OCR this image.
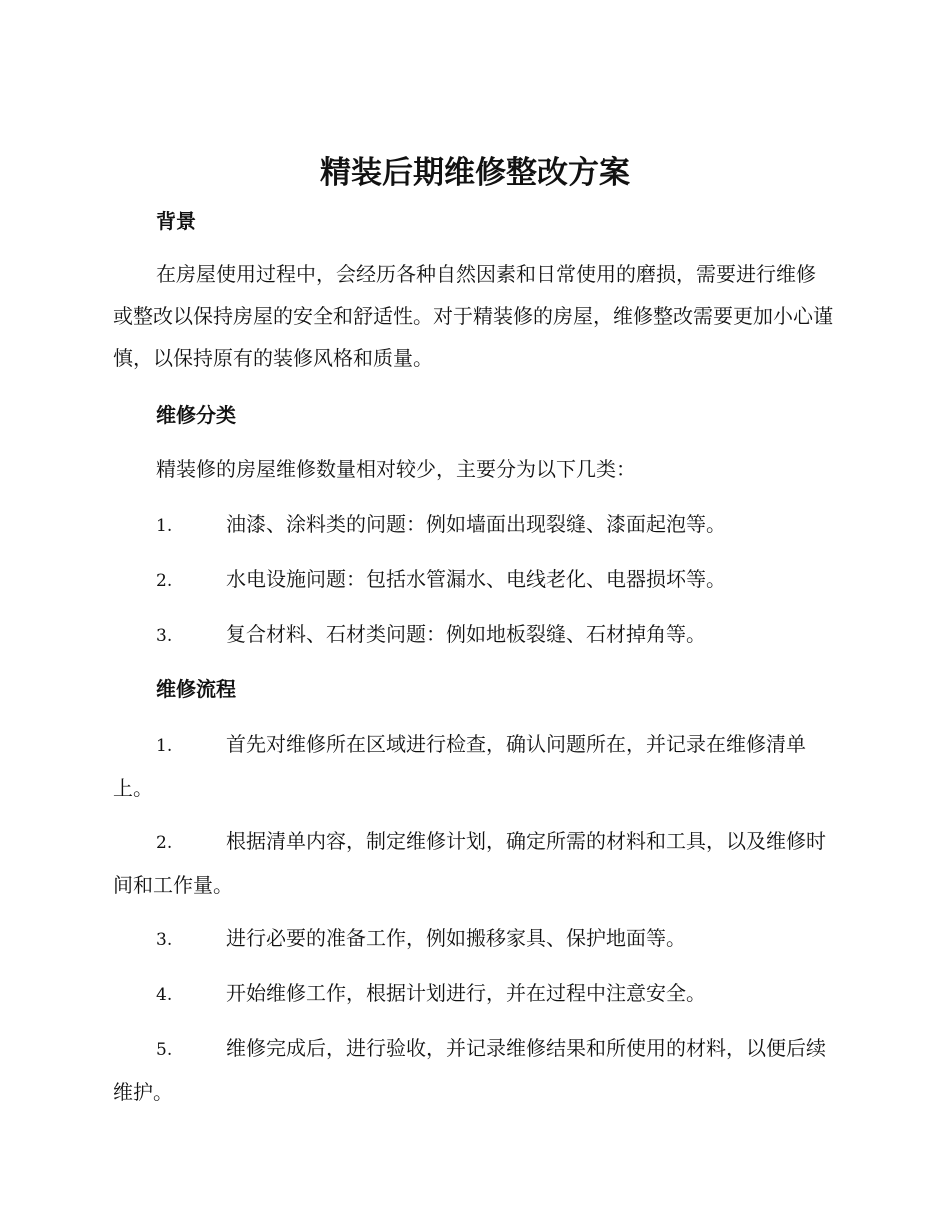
精装后期维修整改方案
背景

在房屋使用过程中，会经历各种自然因素和日常使用的磨损，需要进行维修或整改以保持房屋的安全和舒适性。对于精装修的房屋，维修整改需要更加小心谨慎，以保持原有的装修风格和质量。

维修分类

精装修的房屋维修数量相对较少，主要分为以下几类：

1.	油漆、涂料类的问题：例如墙面出现裂缝、漆面起泡等。

2.	水电设施问题：包括水管漏水、电线老化、电器损坏等。

3.	复合材料、石材类问题：例如地板裂缝、石材掉角等。

维修流程

1.	首先对维修所在区域进行检查，确认问题所在，并记录在维修清单上。

2.	根据清单内容，制定维修计划，确定所需的材料和工具，以及维修时间和工作量。

3.	进行必要的准备工作，例如搬移家具、保护地面等。

4.	开始维修工作，根据计划进行，并在过程中注意安全。

5.	维修完成后，进行验收，并记录维修结果和所使用的材料，以便后续维护。
